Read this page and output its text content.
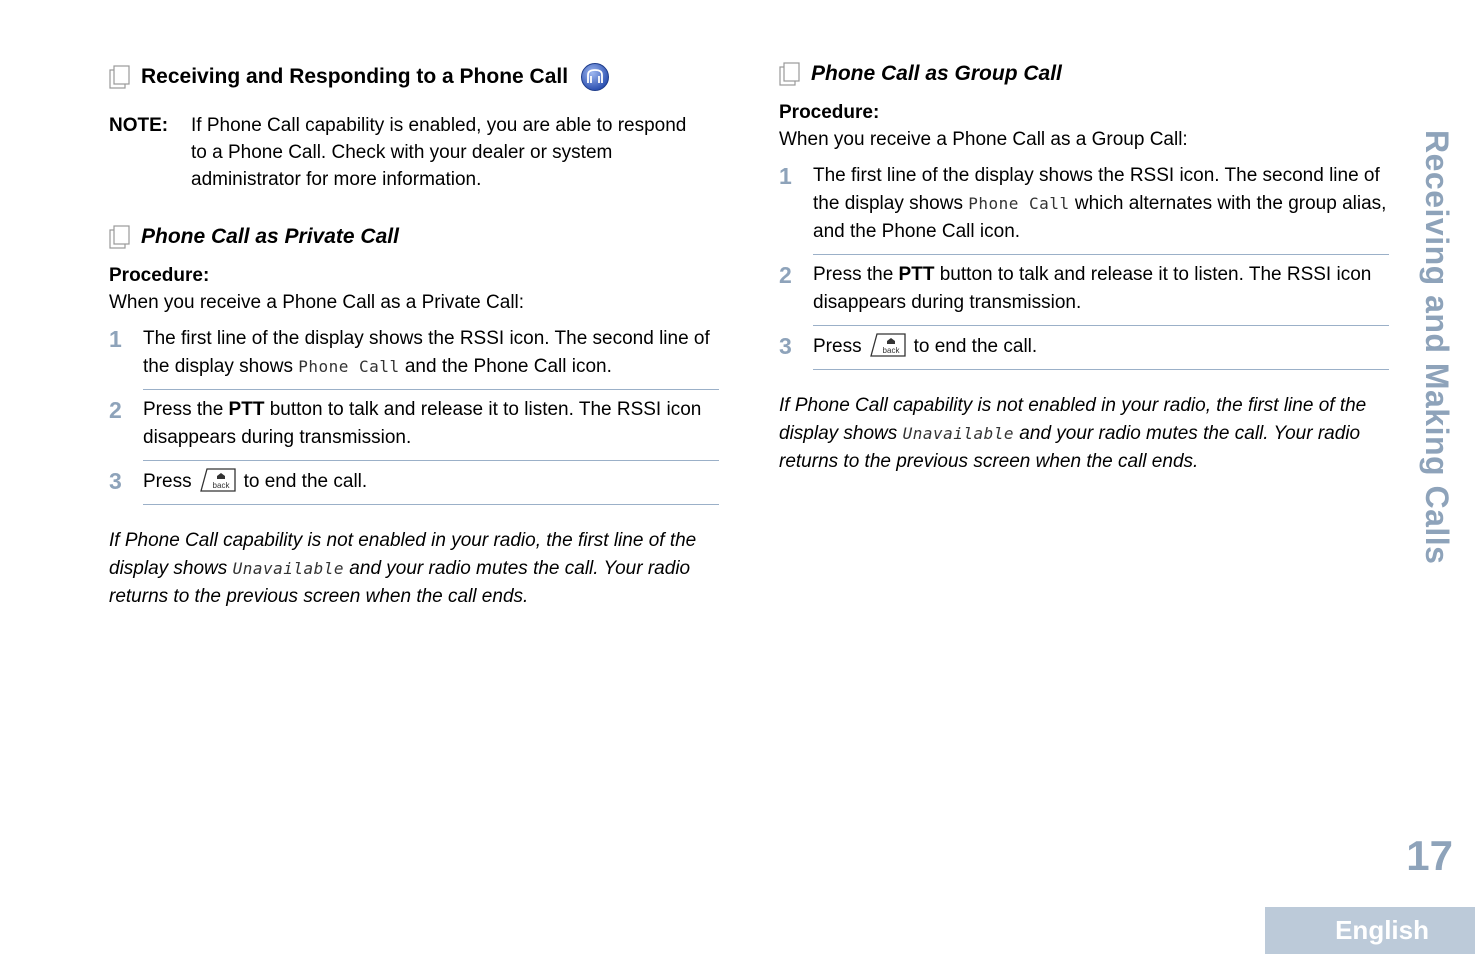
Receiving and Responding to a Phone Call
NOTE:	If Phone Call capability is enabled, you are able to respond to a Phone Call. Check with your dealer or system administrator for more information.
Phone Call as Private Call
Procedure:
When you receive a Phone Call as a Private Call:
1	The first line of the display shows the RSSI icon. The second line of the display shows Phone Call and the Phone Call icon.
2	Press the PTT button to talk and release it to listen. The RSSI icon disappears during transmission.
3	Press	back to end the call.
If Phone Call capability is not enabled in your radio, the first line of the display shows Unavailable and your radio mutes the call. Your radio returns to the previous screen when the call ends.
Phone Call as Group Call
Procedure:
When you receive a Phone Call as a Group Call:
1	The first line of the display shows the RSSI icon. The second line of the display shows Phone Call which alternates with the group alias, and the Phone Call icon.
2	Press the PTT button to talk and release it to listen. The RSSI icon disappears during transmission.
3	Press	back to end the call.
If Phone Call capability is not enabled in your radio, the first line of the display shows Unavailable and your radio mutes the call. Your radio returns to the previous screen when the call ends.	Receiving and Making Calls
17
English
